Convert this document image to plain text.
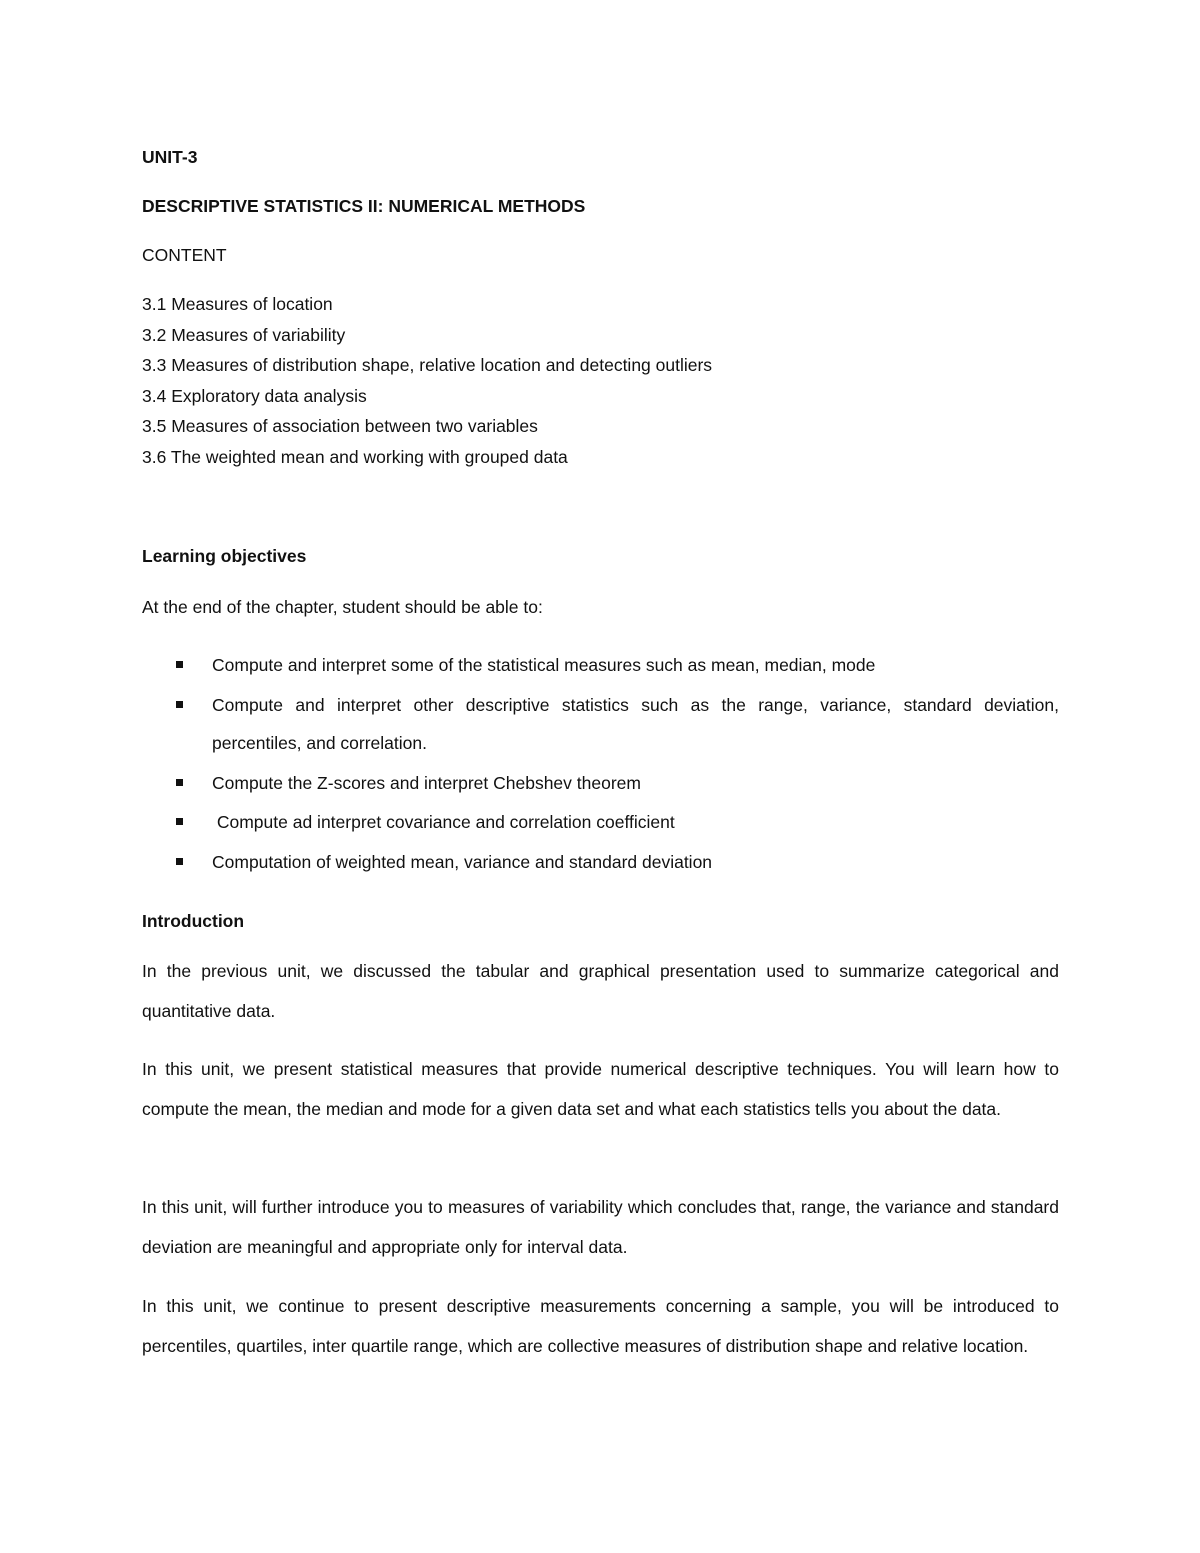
UNIT-3
DESCRIPTIVE STATISTICS II: NUMERICAL METHODS
CONTENT
3.1 Measures of location
3.2 Measures of variability
3.3 Measures of distribution shape, relative location and detecting outliers
3.4 Exploratory data analysis
3.5 Measures of association between two variables
3.6 The weighted mean and working with grouped data
Learning objectives
At the end of the chapter, student should be able to:
Compute and interpret some of the statistical measures such as mean, median, mode
Compute and interpret other descriptive statistics such as the range, variance, standard deviation, percentiles, and correlation.
Compute the Z-scores and interpret Chebshev theorem
Compute ad interpret covariance and correlation coefficient
Computation of weighted mean, variance and standard deviation
Introduction
In the previous unit, we discussed the tabular and graphical presentation used to summarize categorical and quantitative data.
In this unit, we present statistical measures that provide numerical descriptive techniques. You will learn how to compute the mean, the median and mode for a given data set and what each statistics tells you about the data.
In this unit, will further introduce you to measures of variability which concludes that, range, the variance and standard deviation are meaningful and appropriate only for interval data.
In this unit, we continue to present descriptive measurements concerning a sample, you will be introduced to percentiles, quartiles, inter quartile range, which are collective measures of distribution shape and relative location.
